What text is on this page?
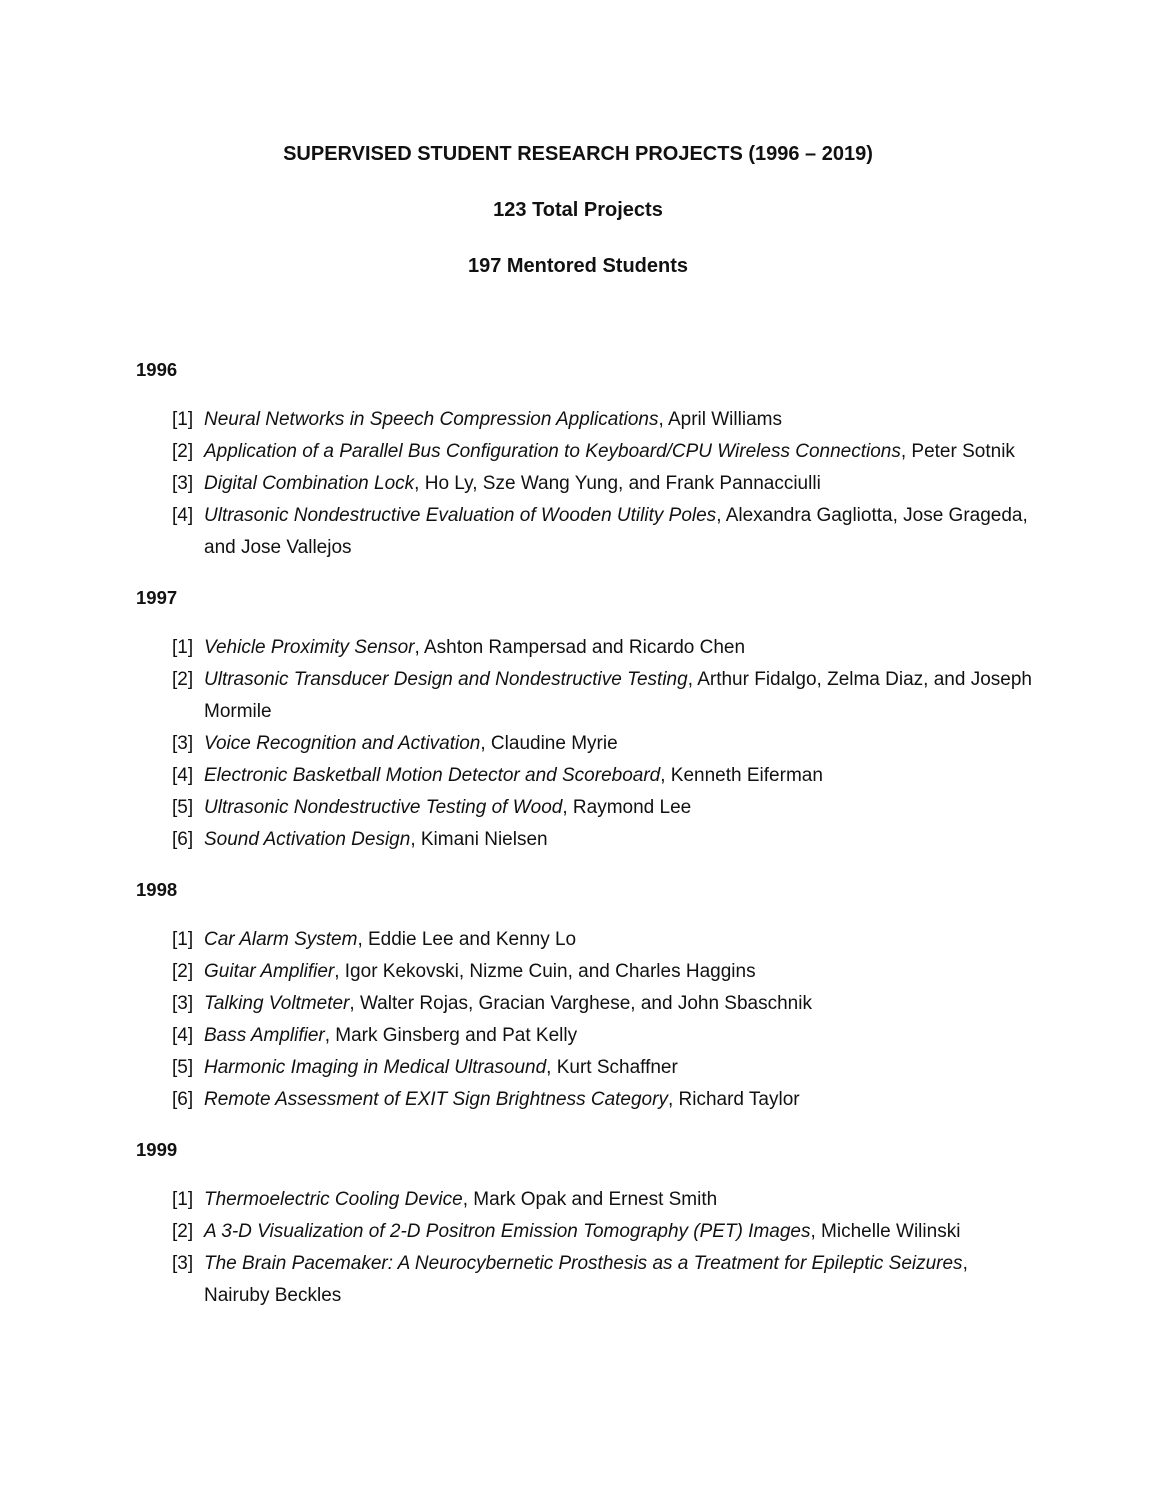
SUPERVISED STUDENT RESEARCH PROJECTS (1996 – 2019)
123 Total Projects
197 Mentored Students
1996
[1] Neural Networks in Speech Compression Applications, April Williams
[2] Application of a Parallel Bus Configuration to Keyboard/CPU Wireless Connections, Peter Sotnik
[3] Digital Combination Lock, Ho Ly, Sze Wang Yung, and Frank Pannacciulli
[4] Ultrasonic Nondestructive Evaluation of Wooden Utility Poles, Alexandra Gagliotta, Jose Grageda, and Jose Vallejos
1997
[1] Vehicle Proximity Sensor, Ashton Rampersad and Ricardo Chen
[2] Ultrasonic Transducer Design and Nondestructive Testing, Arthur Fidalgo, Zelma Diaz, and Joseph Mormile
[3] Voice Recognition and Activation, Claudine Myrie
[4] Electronic Basketball Motion Detector and Scoreboard, Kenneth Eiferman
[5] Ultrasonic Nondestructive Testing of Wood, Raymond Lee
[6] Sound Activation Design, Kimani Nielsen
1998
[1] Car Alarm System, Eddie Lee and Kenny Lo
[2] Guitar Amplifier, Igor Kekovski, Nizme Cuin, and Charles Haggins
[3] Talking Voltmeter, Walter Rojas, Gracian Varghese, and John Sbaschnik
[4] Bass Amplifier, Mark Ginsberg and Pat Kelly
[5] Harmonic Imaging in Medical Ultrasound, Kurt Schaffner
[6] Remote Assessment of EXIT Sign Brightness Category, Richard Taylor
1999
[1] Thermoelectric Cooling Device, Mark Opak and Ernest Smith
[2] A 3-D Visualization of 2-D Positron Emission Tomography (PET) Images, Michelle Wilinski
[3] The Brain Pacemaker: A Neurocybernetic Prosthesis as a Treatment for Epileptic Seizures, Nairuby Beckles
